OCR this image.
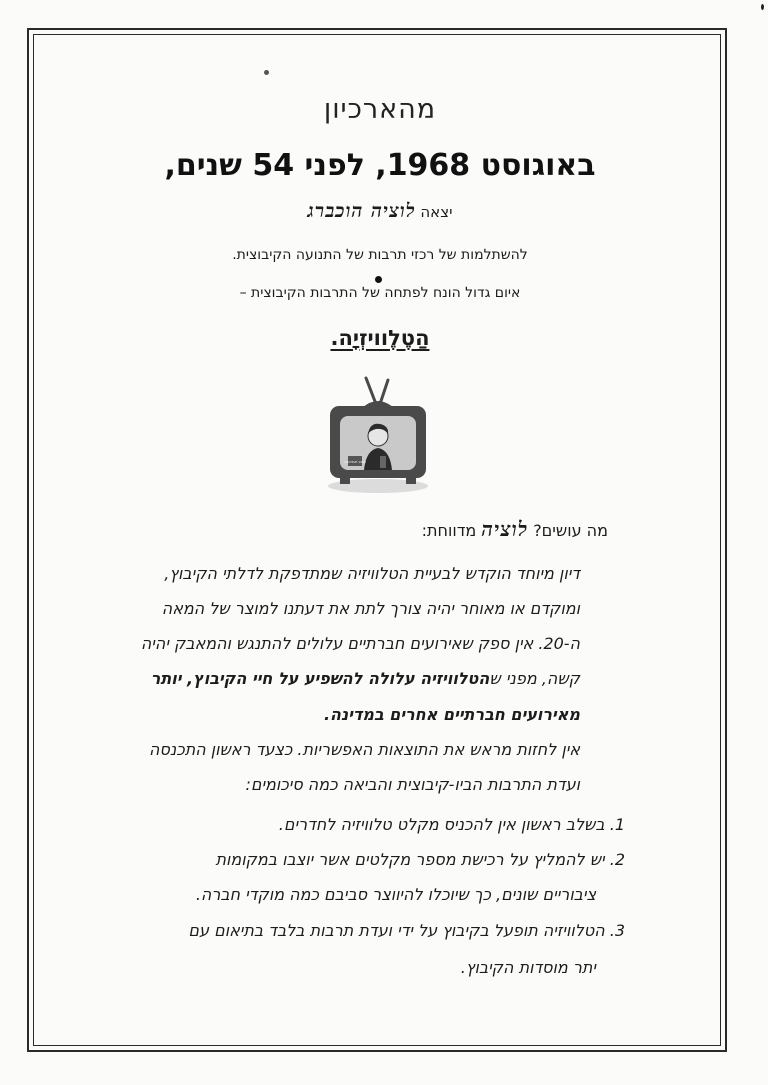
מהארכיון
באוגוסט 1968, לפני 54 שנים,
יצאה לוציה הוכברג
להשתלמות של רכזי תרבות של התנועה הקיבוצית.
איום גדול הונח לפתחה של התרבות הקיבוצית –
הַטֶלֶוויזְיָה.
ARCHIVE 1968
מה עושים? לוציה מדווחת:
דיון מיוחד הוקדש לבעיית הטלוויזיה שמתדפקת לדלתי הקיבוץ,
ומוקדם או מאוחר יהיה צורך לתת את דעתנו למוצר של המאה
ה-20. אין ספק שאירועים חברתיים עלולים להתנגש והמאבק יהיה
קשה, מפני שהטלוויזיה עלולה להשפיע על חיי הקיבוץ, יותר
מאירועים חברתיים אחרים במדינה.
אין לחזות מראש את התוצאות האפשריות. כצעד ראשון התכנסה
ועדת התרבות הביו-קיבוצית והביאה כמה סיכומים:
1. בשלב ראשון אין להכניס מקלט טלוויזיה לחדרים.
2. יש להמליץ על רכישת מספר מקלטים אשר יוצבו במקומות
ציבוריים שונים, כך שיוכלו להיווצר סביבם כמה מוקדי חברה.
3. הטלוויזיה תופעל בקיבוץ על ידי ועדת תרבות בלבד בתיאום עם
יתר מוסדות הקיבוץ.
